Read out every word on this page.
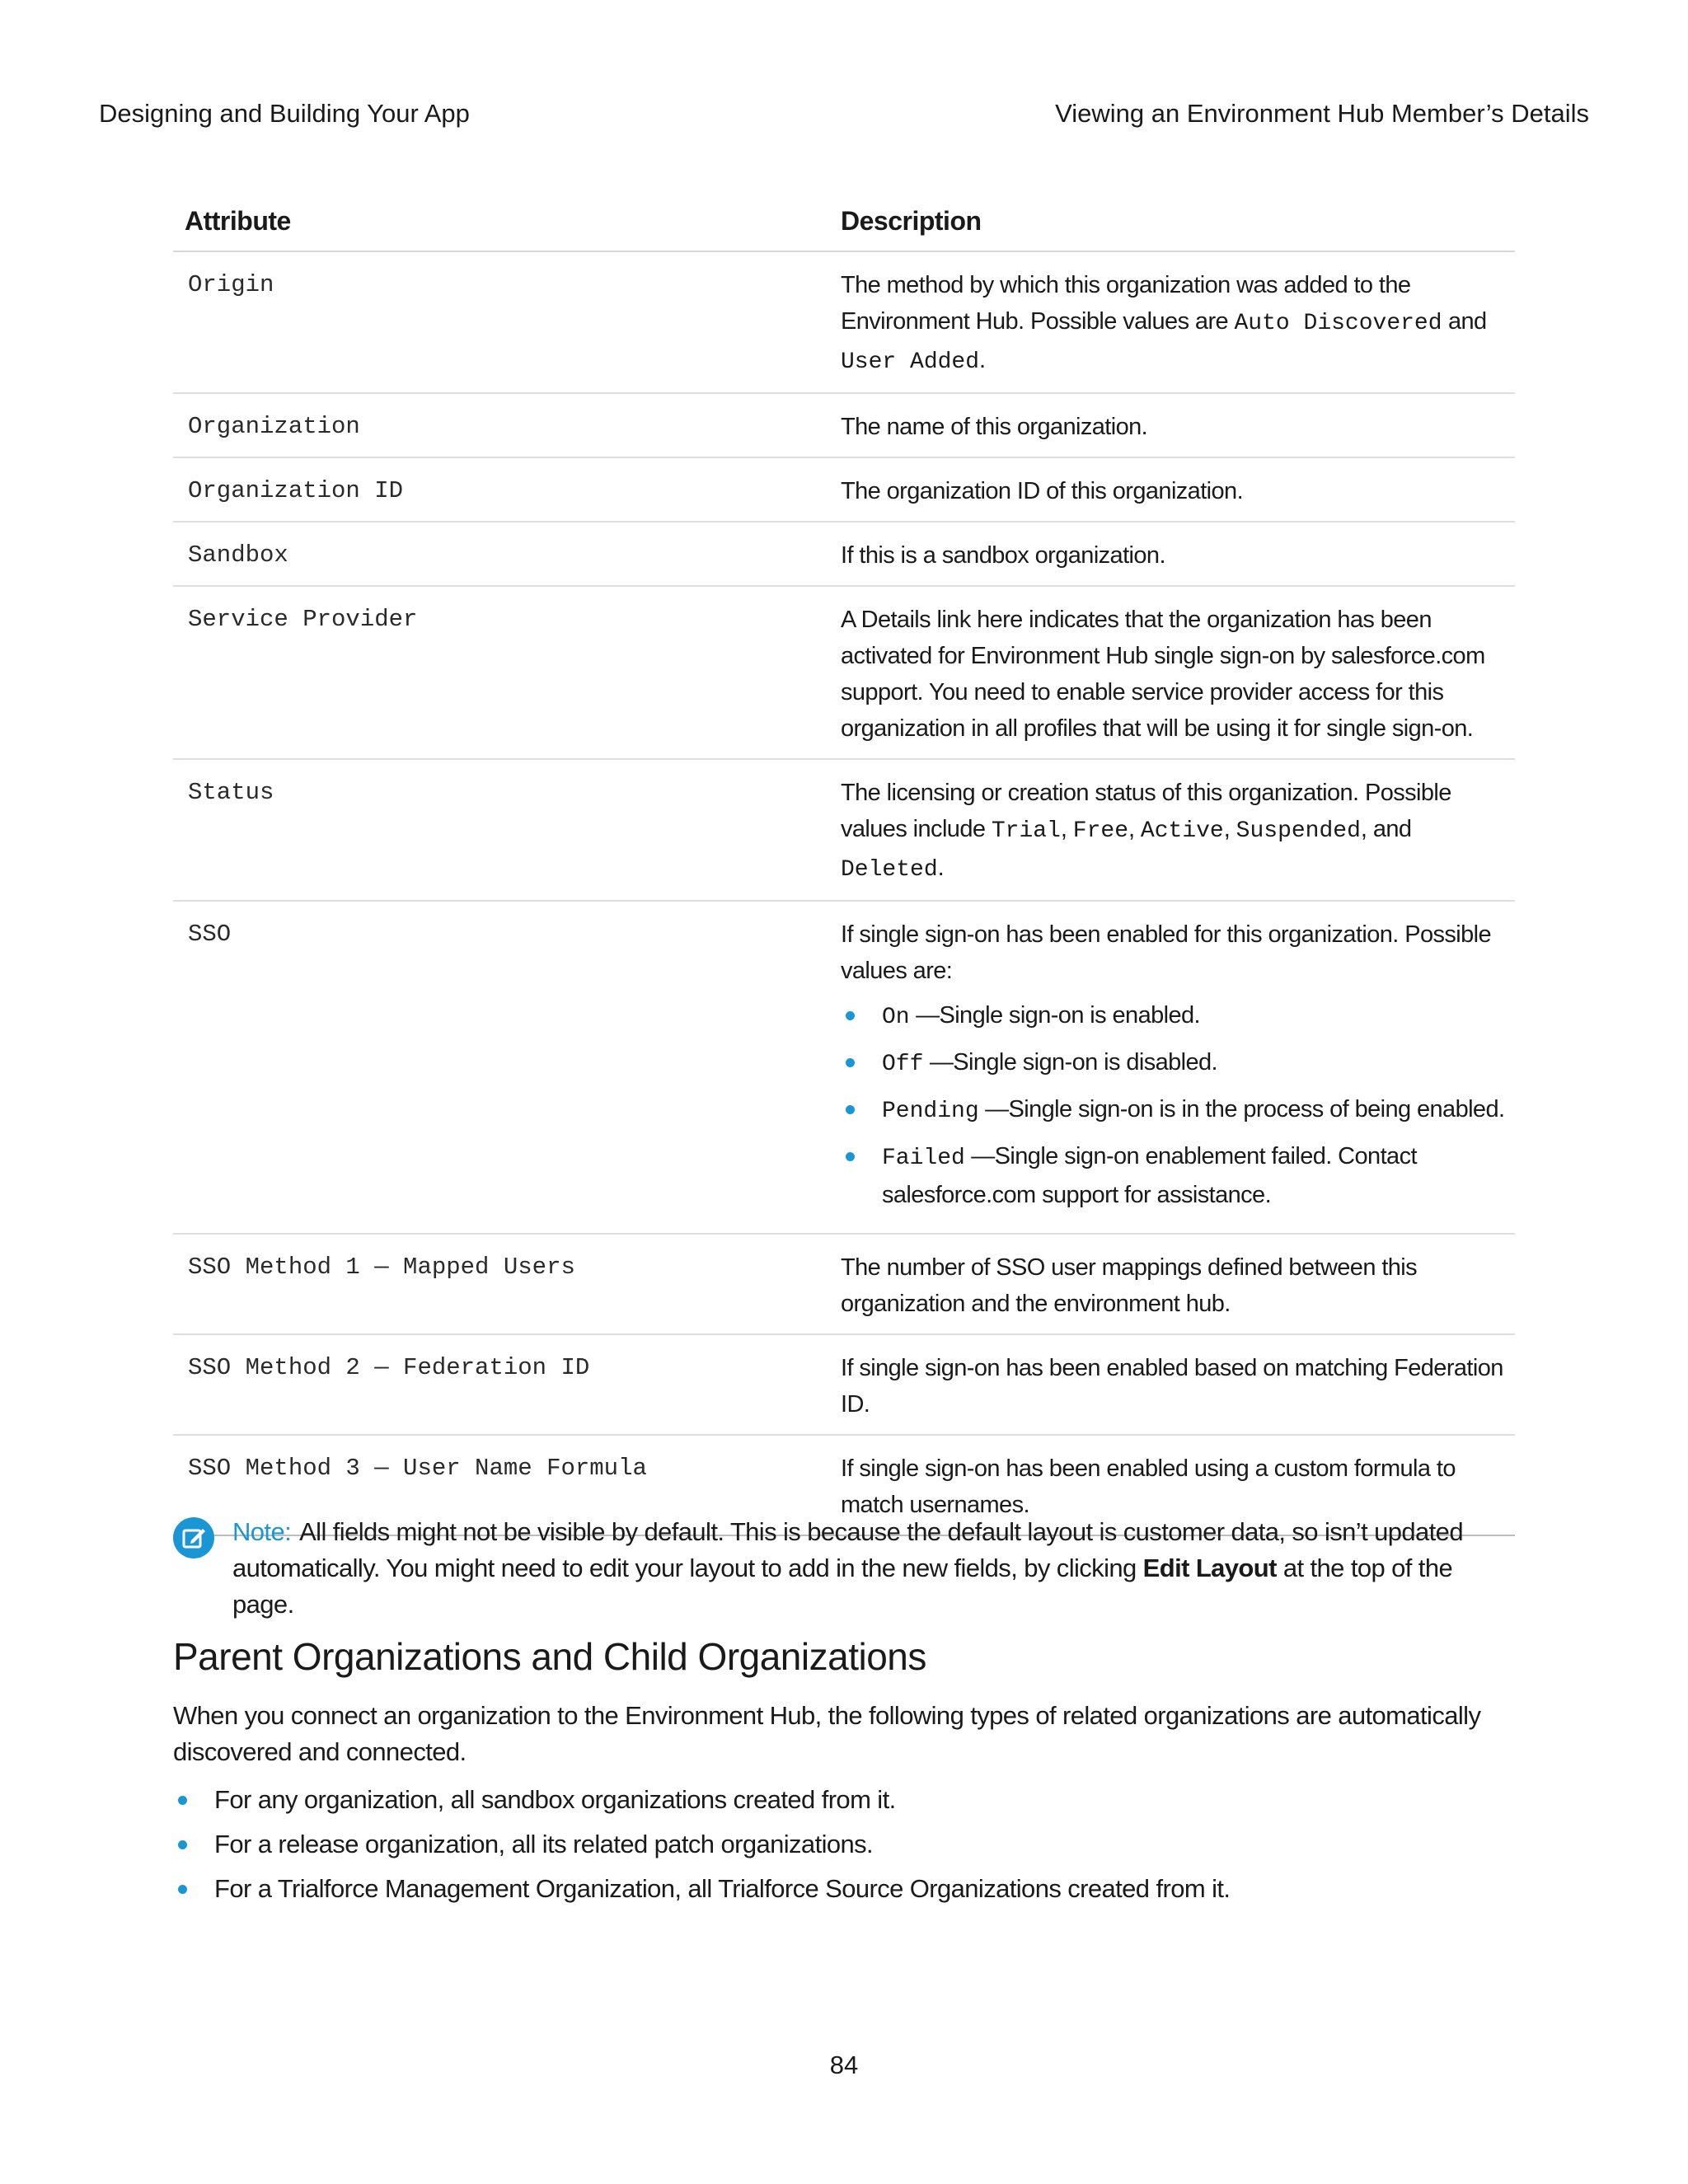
Designing and Building Your App	Viewing an Environment Hub Member’s Details
Attribute	Description
Origin	The method by which this organization was added to the Environment Hub. Possible values are Auto Discovered and User Added.
Organization	The name of this organization.
Organization ID	The organization ID of this organization.
Sandbox	If this is a sandbox organization.
Service Provider	A Details link here indicates that the organization has been activated for Environment Hub single sign-on by salesforce.com support. You need to enable service provider access for this organization in all profiles that will be using it for single sign-on.
Status	The licensing or creation status of this organization. Possible values include Trial, Free, Active, Suspended, and Deleted.
SSO	If single sign-on has been enabled for this organization. Possible values are:
On —Single sign-on is enabled.
Off —Single sign-on is disabled.
Pending —Single sign-on is in the process of being enabled.
Failed —Single sign-on enablement failed. Contact salesforce.com support for assistance.
SSO Method 1 — Mapped Users	The number of SSO user mappings defined between this organization and the environment hub.
SSO Method 2 — Federation ID	If single sign-on has been enabled based on matching Federation ID.
SSO Method 3 — User Name Formula	If single sign-on has been enabled using a custom formula to match usernames.
Note: All fields might not be visible by default. This is because the default layout is customer data, so isn’t updated automatically. You might need to edit your layout to add in the new fields, by clicking Edit Layout at the top of the page.
Parent Organizations and Child Organizations
When you connect an organization to the Environment Hub, the following types of related organizations are automatically discovered and connected.
For any organization, all sandbox organizations created from it.
For a release organization, all its related patch organizations.
For a Trialforce Management Organization, all Trialforce Source Organizations created from it.
84
